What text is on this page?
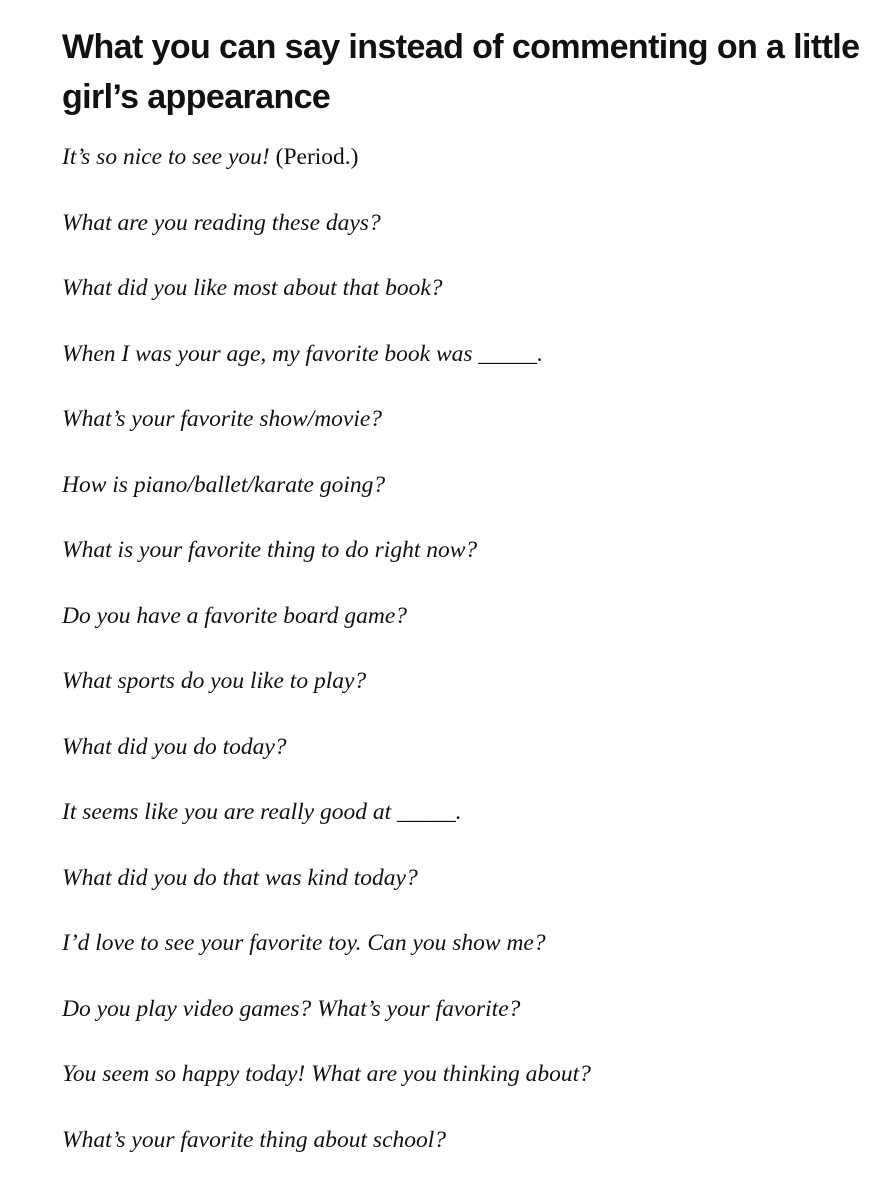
What you can say instead of commenting on a little girl’s appearance
It’s so nice to see you! (Period.)
What are you reading these days?
What did you like most about that book?
When I was your age, my favorite book was _____.
What’s your favorite show/movie?
How is piano/ballet/karate going?
What is your favorite thing to do right now?
Do you have a favorite board game?
What sports do you like to play?
What did you do today?
It seems like you are really good at _____.
What did you do that was kind today?
I’d love to see your favorite toy. Can you show me?
Do you play video games? What’s your favorite?
You seem so happy today! What are you thinking about?
What’s your favorite thing about school?
